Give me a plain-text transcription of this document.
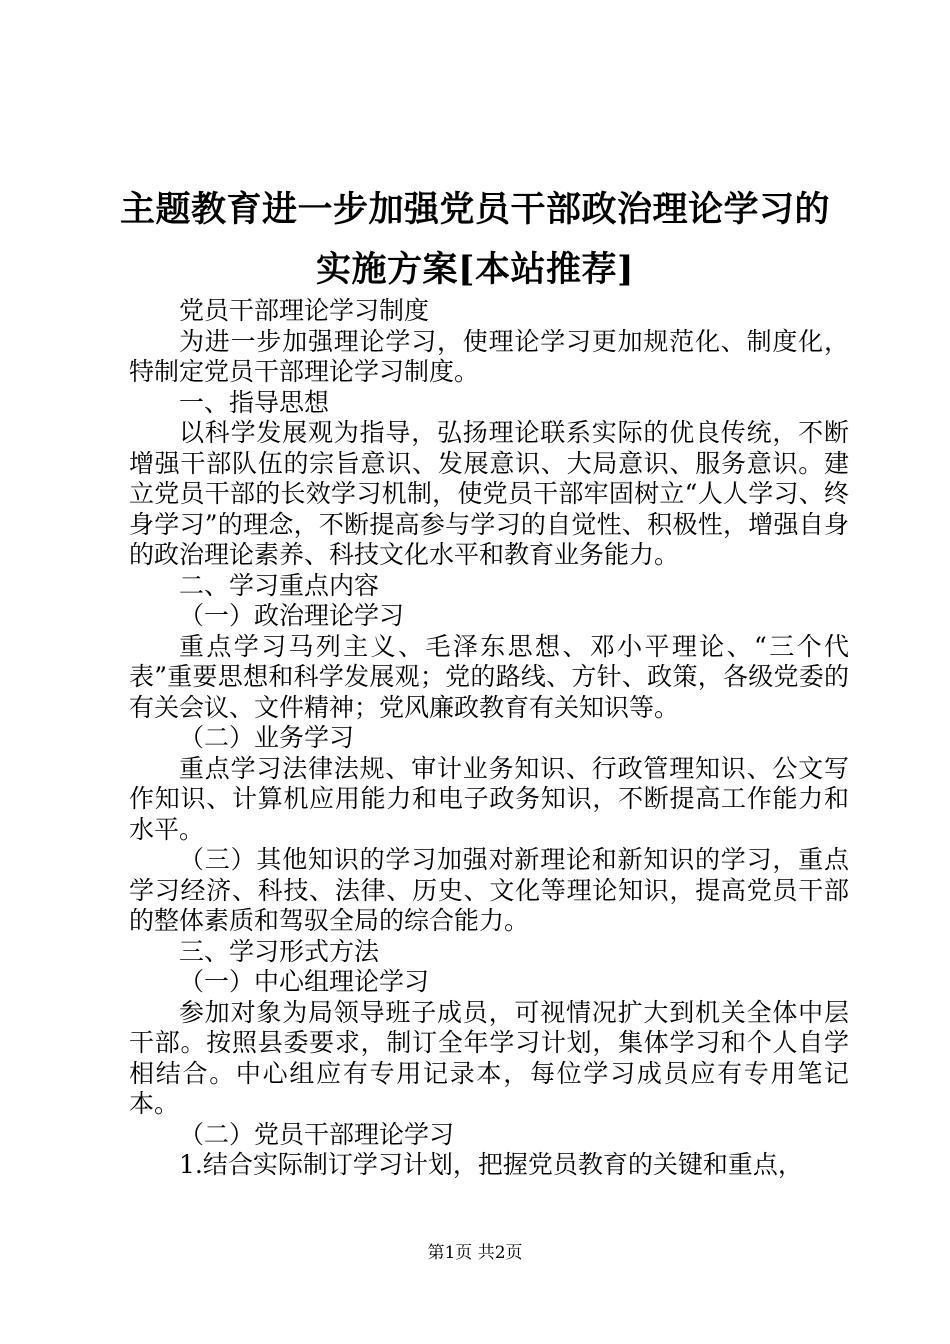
主题教育进一步加强党员干部政治理论学习的
实施方案[本站推荐]

党员干部理论学习制度

为进一步加强理论学习，使理论学习更加规范化、制度化，特制定党员干部理论学习制度。

一、指导思想

以科学发展观为指导，弘扬理论联系实际的优良传统，不断增强干部队伍的宗旨意识、发展意识、大局意识、服务意识。建立党员干部的长效学习机制，使党员干部牢固树立“人人学习、终身学习”的理念，不断提高参与学习的自觉性、积极性，增强自身的政治理论素养、科技文化水平和教育业务能力。

二、学习重点内容

（一）政治理论学习

重点学习马列主义、毛泽东思想、邓小平理论、“三个代表”重要思想和科学发展观；党的路线、方针、政策，各级党委的有关会议、文件精神；党风廉政教育有关知识等。

（二）业务学习

重点学习法律法规、审计业务知识、行政管理知识、公文写作知识、计算机应用能力和电子政务知识，不断提高工作能力和水平。

（三）其他知识的学习加强对新理论和新知识的学习，重点学习经济、科技、法律、历史、文化等理论知识，提高党员干部的整体素质和驾驭全局的综合能力。

三、学习形式方法

（一）中心组理论学习

参加对象为局领导班子成员，可视情况扩大到机关全体中层干部。按照县委要求，制订全年学习计划，集体学习和个人自学相结合。中心组应有专用记录本，每位学习成员应有专用笔记本。

（二）党员干部理论学习

1.结合实际制订学习计划，把握党员教育的关键和重点，

第1页 共2页
